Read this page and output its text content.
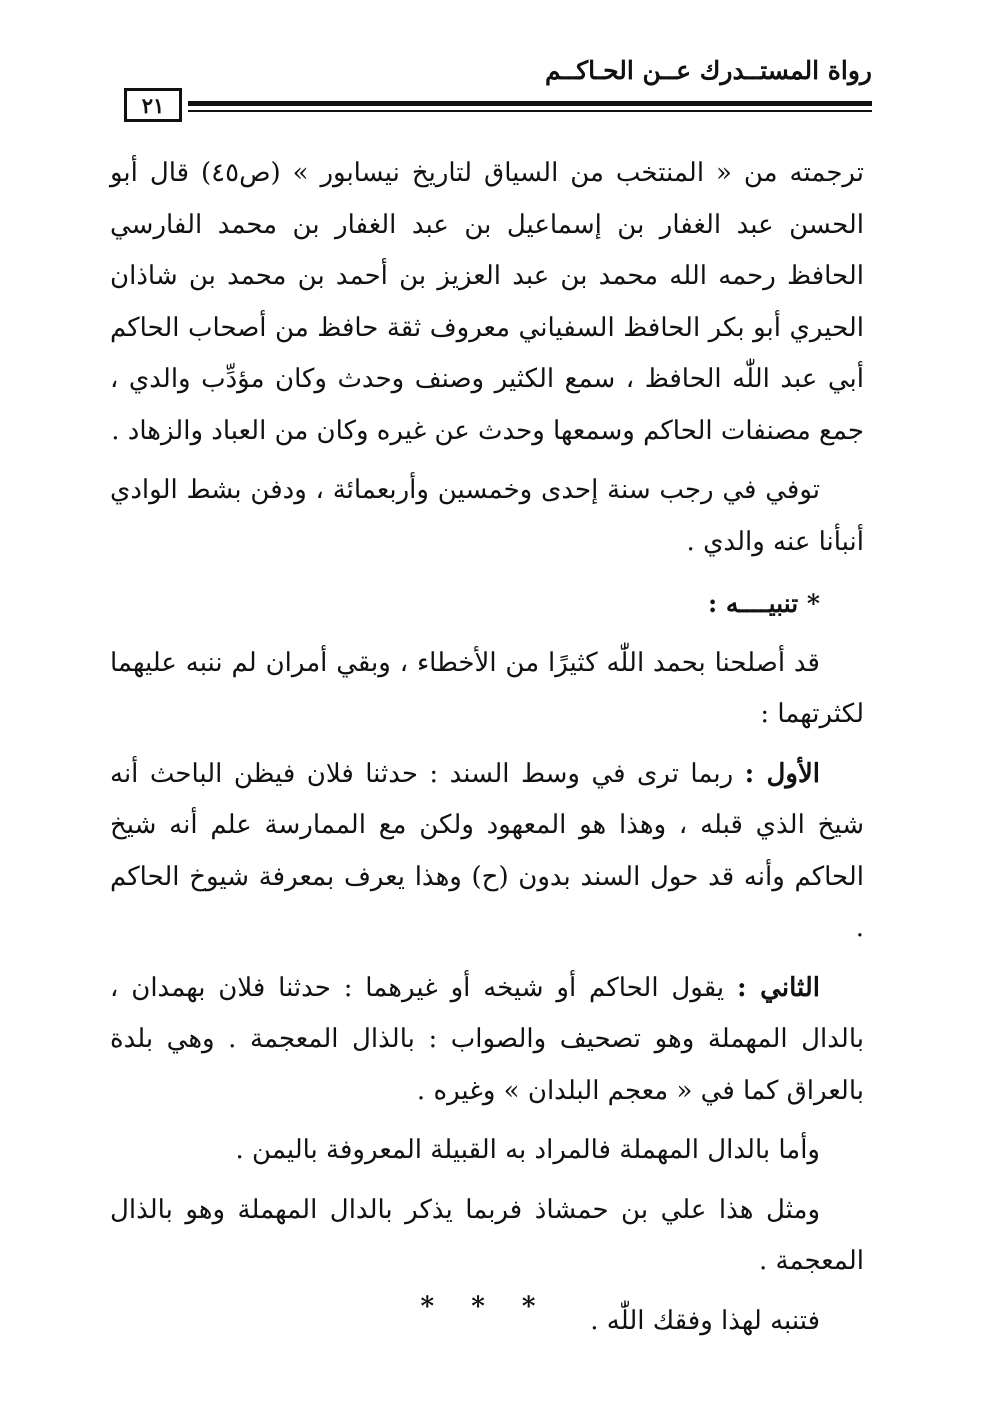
رواة المستــدرك عــن الحـاكــم
٢١

ترجمته من « المنتخب من السياق لتاريخ نيسابور » (ص٤٥) قال أبو الحسن عبد الغفار بن إسماعيل بن عبد الغفار بن محمد الفارسي الحافظ رحمه الله محمد بن عبد العزيز بن أحمد بن محمد بن شاذان الحيري أبو بكر الحافظ السفياني معروف ثقة حافظ من أصحاب الحاكم أبي عبد اللّٰه الحافظ ، سمع الكثير وصنف وحدث وكان مؤدِّب والدي ، جمع مصنفات الحاكم وسمعها وحدث عن غيره وكان من العباد والزهاد .

توفي في رجب سنة إحدى وخمسين وأربعمائة ، ودفن بشط الوادي أنبأنا عنه والدي .

* تنبيــــه :

قد أصلحنا بحمد اللّٰه كثيرًا من الأخطاء ، وبقي أمران لم ننبه عليهما لكثرتهما :

الأول : ربما ترى في وسط السند : حدثنا فلان فيظن الباحث أنه شيخ الذي قبله ، وهذا هو المعهود ولكن مع الممارسة علم أنه شيخ الحاكم وأنه قد حول السند بدون (ح) وهذا يعرف بمعرفة شيوخ الحاكم .

الثاني : يقول الحاكم أو شيخه أو غيرهما : حدثنا فلان بهمدان ، بالدال المهملة وهو تصحيف والصواب : بالذال المعجمة . وهي بلدة بالعراق كما في « معجم البلدان » وغيره .

وأما بالدال المهملة فالمراد به القبيلة المعروفة باليمن .

ومثل هذا علي بن حمشاذ فربما يذكر بالدال المهملة وهو بالذال المعجمة .

فتنبه لهذا وفقك اللّٰه .

* * *
